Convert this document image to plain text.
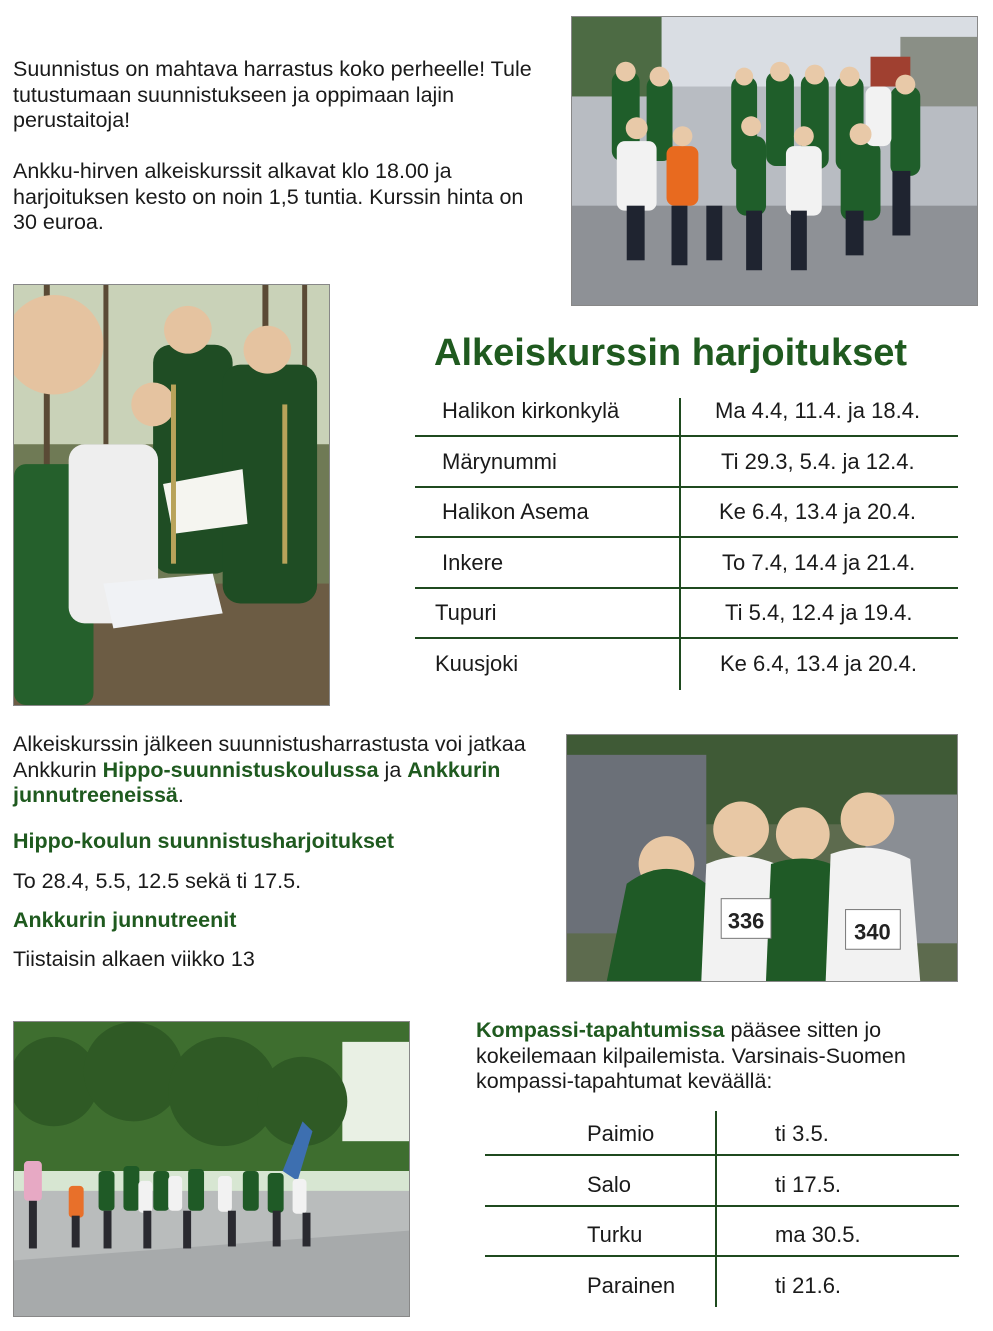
Suunnistus on mahtava harrastus koko perheelle! Tule tutustumaan suunnistukseen ja oppimaan lajin perustaitoja!
Ankku-hirven alkeiskurssit alkavat klo 18.00 ja harjoituksen kesto on noin 1,5 tuntia. Kurssin hinta on 30 euroa.
Alkeiskurssin harjoitukset
Halikon kirkonkylä	Ma 4.4, 11.4. ja 18.4.
Märynummi	Ti 29.3, 5.4. ja 12.4.
Halikon Asema	Ke 6.4, 13.4 ja 20.4.
Inkere	To 7.4, 14.4 ja 21.4.
Tupuri	Ti 5.4, 12.4 ja 19.4.
Kuusjoki	Ke 6.4, 13.4 ja 20.4.
Alkeiskurssin jälkeen suunnistusharrastusta voi jatkaa Ankkurin Hippo-suunnistuskoulussa ja Ankkurin junnutreeneissä.
Hippo-koulun suunnistusharjoitukset
To 28.4, 5.5, 12.5 sekä ti 17.5.
Ankkurin junnutreenit
Tiistaisin alkaen viikko 13
336	340
Kompassi-tapahtumissa pääsee sitten jo kokeilemaan kilpailemista. Varsinais-Suomen kompassi-tapahtumat keväällä:
Paimio	ti 3.5.
Salo	ti 17.5.
Turku	ma 30.5.
Parainen	ti 21.6.
